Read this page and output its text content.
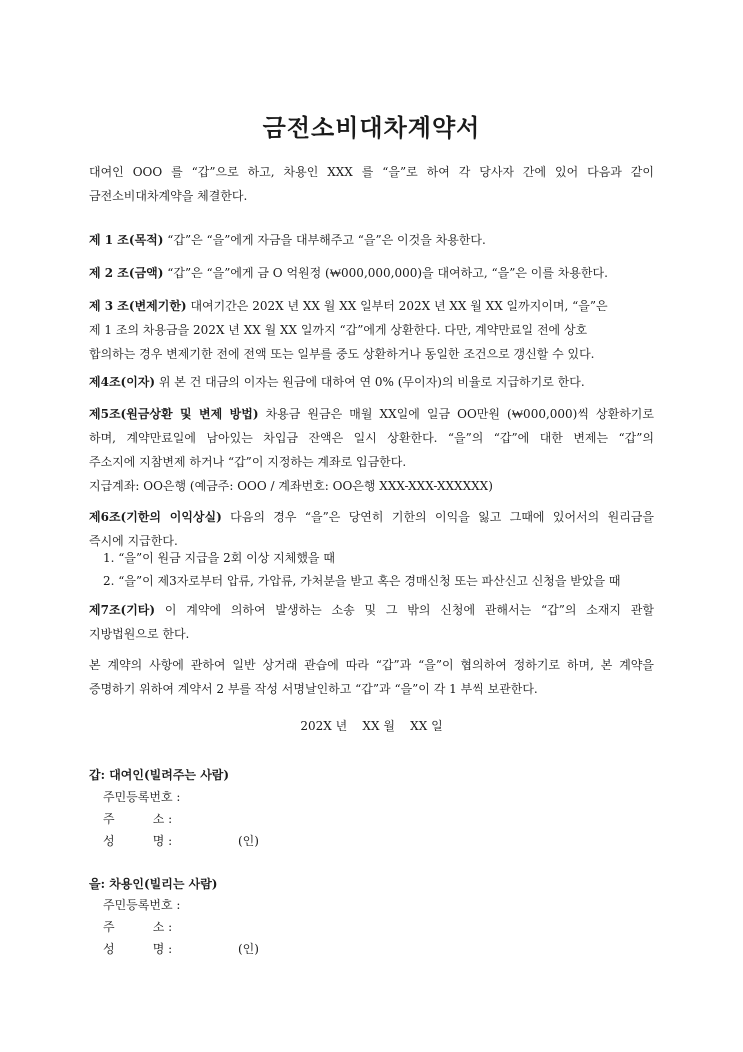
금전소비대차계약서
대여인 OOO 를 “갑”으로 하고, 차용인 XXX 를 “을”로 하여 각 당사자 간에 있어 다음과 같이
금전소비대차계약을 체결한다.
제 1 조(목적) “갑”은 “을”에게 자금을 대부해주고 “을”은 이것을 차용한다.
제 2 조(금액) “갑”은 “을”에게 금 O 억원정 (₩000,000,000)을 대여하고, “을”은 이를 차용한다.
제 3 조(변제기한) 대여기간은 202X 년 XX 월 XX 일부터 202X 년 XX 월 XX 일까지이며, “을”은
제 1 조의 차용금을 202X 년 XX 월 XX 일까지 “갑”에게 상환한다. 다만, 계약만료일 전에 상호
합의하는 경우 변제기한 전에 전액 또는 일부를 중도 상환하거나 동일한 조건으로 갱신할 수 있다.
제4조(이자) 위 본 건 대금의 이자는 원금에 대하여 연 0% (무이자)의 비율로 지급하기로 한다.
제5조(원금상환 및 변제 방법) 차용금 원금은 매월 XX일에 일금 OO만원 (₩000,000)씩 상환하기로
하며, 계약만료일에 남아있는 차입금 잔액은 일시 상환한다. “을”의 “갑”에 대한 변제는 “갑”의
주소지에 지참변제 하거나 “갑”이 지정하는 계좌로 입금한다.
지급계좌: OO은행 (예금주: OOO / 계좌번호: OO은행 XXX-XXX-XXXXXX)
제6조(기한의 이익상실) 다음의 경우 “을”은 당연히 기한의 이익을 잃고 그때에 있어서의 원리금을
즉시에 지급한다.
1. “을”이 원금 지급을 2회 이상 지체했을 때
2. “을”이 제3자로부터 압류, 가압류, 가처분을 받고 혹은 경매신청 또는 파산신고 신청을 받았을 때
제7조(기타) 이 계약에 의하여 발생하는 소송 및 그 밖의 신청에 관해서는 “갑”의 소재지 관할
지방법원으로 한다.
본 계약의 사항에 관하여 일반 상거래 관습에 따라 “갑”과 “을”이 협의하여 정하기로 하며, 본 계약을
증명하기 위하여 계약서 2 부를 작성 서명날인하고 “갑”과 “을”이 각 1 부씩 보관한다.
202X 년    XX 월    XX 일
갑: 대여인(빌려주는 사람)
주민등록번호 :
주          소 :
성          명 :	(인)
을: 차용인(빌리는 사람)
주민등록번호 :
주          소 :
성          명 :	(인)
